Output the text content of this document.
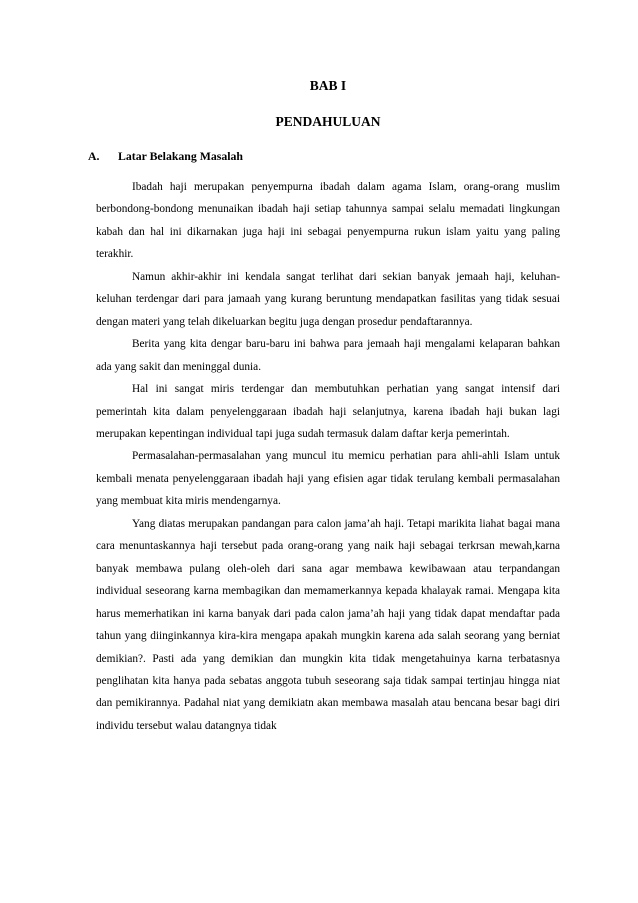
BAB I
PENDAHULUAN
A.	Latar Belakang Masalah

Ibadah haji merupakan penyempurna ibadah dalam agama Islam, orang-orang muslim berbondong-bondong menunaikan ibadah haji setiap tahunnya sampai selalu memadati lingkungan kabah dan hal ini dikarnakan juga haji ini sebagai penyempurna rukun islam yaitu yang paling terakhir.

Namun akhir-akhir ini kendala sangat terlihat dari sekian banyak jemaah haji, keluhan-keluhan terdengar dari para jamaah yang kurang beruntung mendapatkan fasilitas yang tidak sesuai dengan materi yang telah dikeluarkan begitu juga dengan prosedur pendaftarannya.

Berita yang kita dengar baru-baru ini bahwa para jemaah haji mengalami kelaparan bahkan ada yang sakit dan meninggal dunia.

Hal ini sangat miris terdengar dan membutuhkan perhatian yang sangat intensif dari pemerintah kita dalam penyelenggaraan ibadah haji selanjutnya, karena ibadah haji bukan lagi merupakan kepentingan individual tapi juga sudah termasuk dalam daftar kerja pemerintah.

Permasalahan-permasalahan yang muncul itu memicu perhatian para ahli-ahli Islam untuk kembali menata penyelenggaraan ibadah haji yang efisien agar tidak terulang kembali permasalahan yang membuat kita miris mendengarnya.

Yang diatas merupakan pandangan para calon jama’ah haji. Tetapi marikita liahat bagai mana cara menuntaskannya haji tersebut pada orang-orang yang naik haji sebagai terkrsan mewah,karna banyak membawa pulang oleh-oleh dari sana agar membawa kewibawaan atau terpandangan individual seseorang karna membagikan dan memamerkannya kepada khalayak ramai. Mengapa kita harus memerhatikan ini karna banyak dari pada calon jama’ah haji yang tidak dapat mendaftar pada tahun yang diinginkannya kira-kira mengapa apakah mungkin karena ada salah seorang yang berniat demikian?. Pasti ada yang demikian dan mungkin kita tidak mengetahuinya karna terbatasnya penglihatan kita hanya pada sebatas anggota tubuh seseorang saja tidak sampai tertinjau hingga niat dan pemikirannya. Padahal niat yang demikiatn akan membawa masalah atau bencana besar bagi diri individu tersebut walau datangnya tidak
